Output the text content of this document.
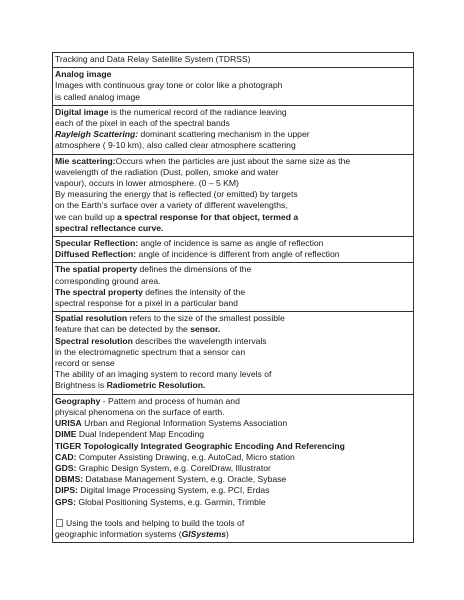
Tracking and Data Relay Satellite System (TDRSS)
Analog image
Images with continuous gray tone or color like a photograph
is called analog image
Digital image is the numerical record of the radiance leaving
each of the pixel in each of the spectral bands
Rayleigh Scattering: dominant scattering mechanism in the upper
atmosphere ( 9-10 km), also called clear atmosphere scattering
Mie scattering:Occurs when the particles are just about the same size as the
wavelength of the radiation (Dust, pollen, smoke and water
vapour), occurs in lower atmosphere. (0 – 5 KM)
By measuring the energy that is reflected (or emitted) by targets
on the Earth's surface over a variety of different wavelengths,
we can build up a spectral response for that object, termed a
spectral reflectance curve.
Specular Reflection: angle of incidence is same as angle of reflection
Diffused Reflection: angle of incidence is different from angle of reflection
The spatial property defines the dimensions of the
corresponding ground area.
The spectral property defines the intensity of the
spectral response for a pixel in a particular band
Spatial resolution refers to the size of the smallest possible
feature that can be detected by the sensor.
Spectral resolution describes the wavelength intervals
in the electromagnetic spectrum that a sensor can
record or sense
The ability of an imaging system to record many levels of
Brightness is Radiometric Resolution.
Geography - Pattern and process of human and
physical phenomena on the surface of earth.
URISA Urban and Regional Information Systems Association
DIME Dual Independent Map Encoding
TIGER Topologically Integrated Geographic Encoding And Referencing
CAD: Computer Assisting Drawing, e.g. AutoCad, Micro station
GDS: Graphic Design System, e.g. CorelDraw, Illustrator
DBMS: Database Management System, e.g. Oracle, Sybase
DIPS: Digital Image Processing System, e.g. PCI, Erdas
GPS: Global Positioning Systems, e.g. Garmin, Trimble
Using the tools and helping to build the tools of
geographic information systems (GISystems)
